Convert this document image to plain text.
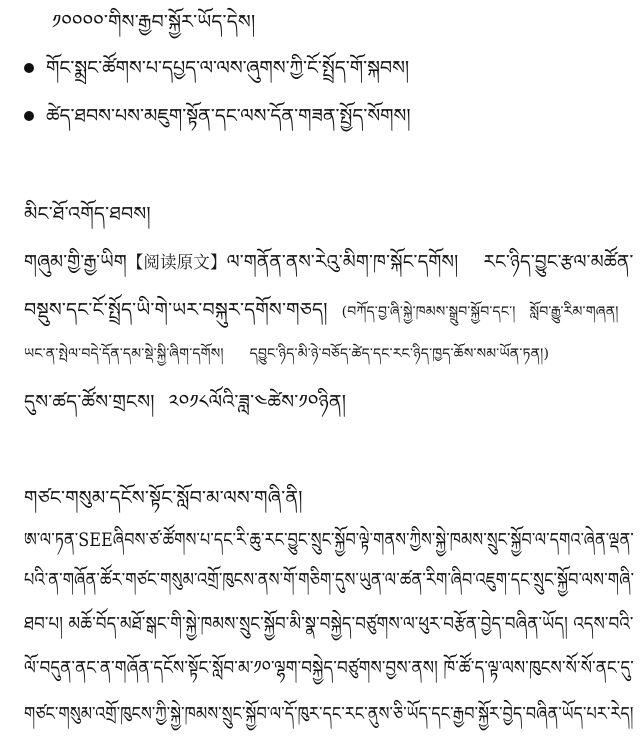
༡༠༠༠༠་གིས་རྒྱབ་སྐྱོར་ཡོད་དེས།
གོང་སྨྲང་ཚོགས་པ་དཔྱད་ལ་ལས་ཞུགས་ཀྱི་ངོ་སྤྲོད་གོ་སྐབས།
ཚེད་ཐབས་པས་མཇུག་སྟོན་དང་ལས་དོན་གཟན་སྤྱོད་སོགས།
མིང་ཐོ་འགོད་ཐབས།
གཞུམ་གྱི་རྒྱ་ཡིག【阅读原文】ལ་གནོན་ནས་རེའུ་མིག་ཁ་སྐོང་དགོས། རང་ཉིད་བྱུང་རྩལ་མཚོན་
བསྡུས་དང་ངོ་སྤྲོད་ཡི་གེ་ཡར་བསྐུར་དགོས་གཅད། (བཀོད་བྱ་ཞི་སྐྱེ་ཁམས་སྒྲུབ་སྐྱོབ་དང་། སློབ་རྒྱུ་རིམ་གཞན།
ཡང་ན་སྤེལ་བདེ་དོན་དམ་སྡེ་སྐྱི་ཞིག་དགོས། དབྱུང་ཉིད་མི་ཉེ་བཅོད་ཚེད་དང་རང་ཉིད་ཁྱད་ཆོས་སམ་ཡོན་ཏན།)
དུས་ཚད་ཚོས་གྲངས། ༢༠༡༨ལོའི་ཟླ་༤ཚེས་༡༠ཉིན།
གཙང་གསུམ་དངོས་སྟོང་སློབ་མ་ལས་གཞི་ནི།
ཨ་ལ་ཏན་SEEཞིབས་ཙ་ཚོགས་པ་དང་རི་ཆུ་རང་བྱུང་སྲུང་སྐྱོབ་ལྟེ་གནས་ཀྱིས་སྐྱེ་ཁམས་སྲུང་སྐྱོབ་ལ་དགའ་ཞེན་ལྡན་
པའི་ན་གཞོན་ཚོར་གཙང་གསུམ་འགྲོ་ཁུངས་ནས་གོ་གཅིག་དུས་ཡུན་ལ་ཚན་རིག་ཞིབ་འཇུག་དང་སྲུང་སྐྱོབ་ལས་གཞི་
ཐབ་པ། མཆོ་བོད་མཐོ་སྒང་གི་སྐྱེ་ཁམས་སྲུང་སྐྱོབ་མི་སྣ་བསྐྱེད་བཙུགས་ལ་ཕུར་བརྩོན་བྱེད་བཞིན་ཡོད། འདས་བའི་
ལོ་བདུན་ནང་ན་གཞོན་དངོས་སྟོང་སློབ་མ་༡༠་ལྷག་བསྐྱེད་བཙུགས་བྱས་ནས། ཁོ་ཚོ་ད་ལྟ་ལས་ཁུངས་སོ་སོ་ནང་དུ་
གཙང་གསུམ་འགྲོ་ཁུངས་ཀྱི་སྐྱེ་ཁམས་སྲུང་སྐྱོབ་ལ་དོ་ཁུར་དང་རང་ནུས་ཅི་ཡོད་དང་རྒྱབ་སྐྱོར་བྱེད་བཞིན་ཡོད་པར་རེད།
